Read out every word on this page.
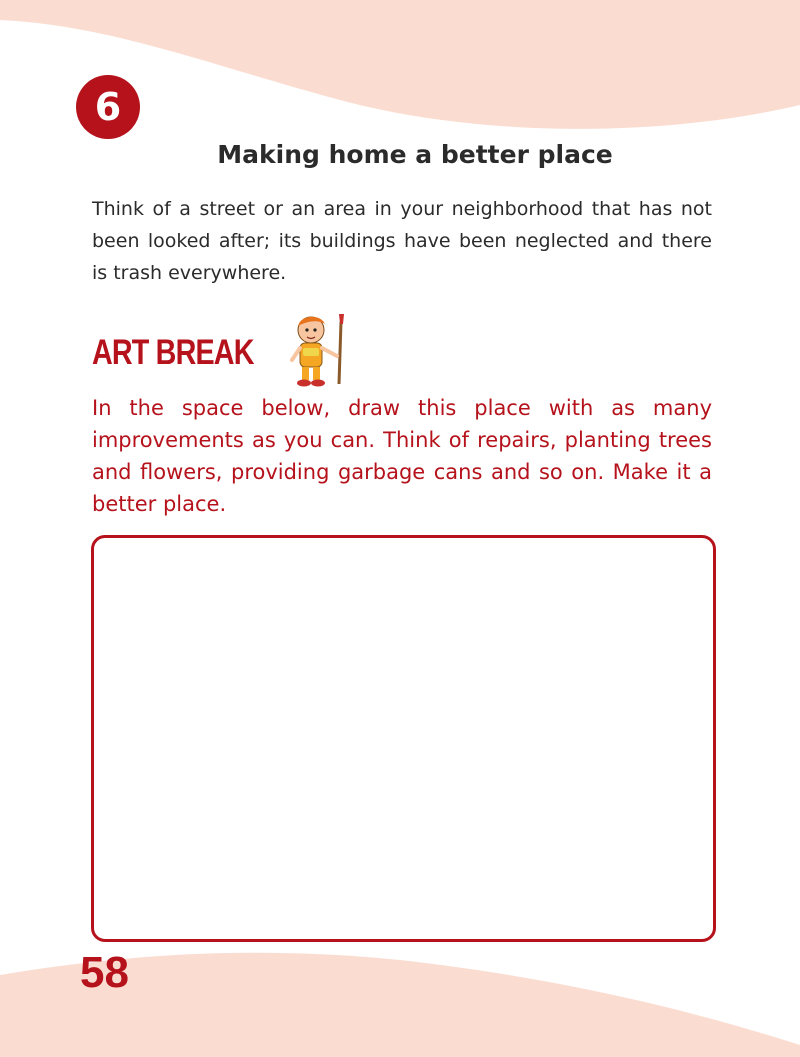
6
Making home a better place

Think of a street or an area in your neighborhood that has not been looked after; its buildings have been neglected and there is trash everywhere.

ART BREAK

In the space below, draw this place with as many improvements as you can. Think of repairs, planting trees and flowers, providing garbage cans and so on. Make it a better place.

58
